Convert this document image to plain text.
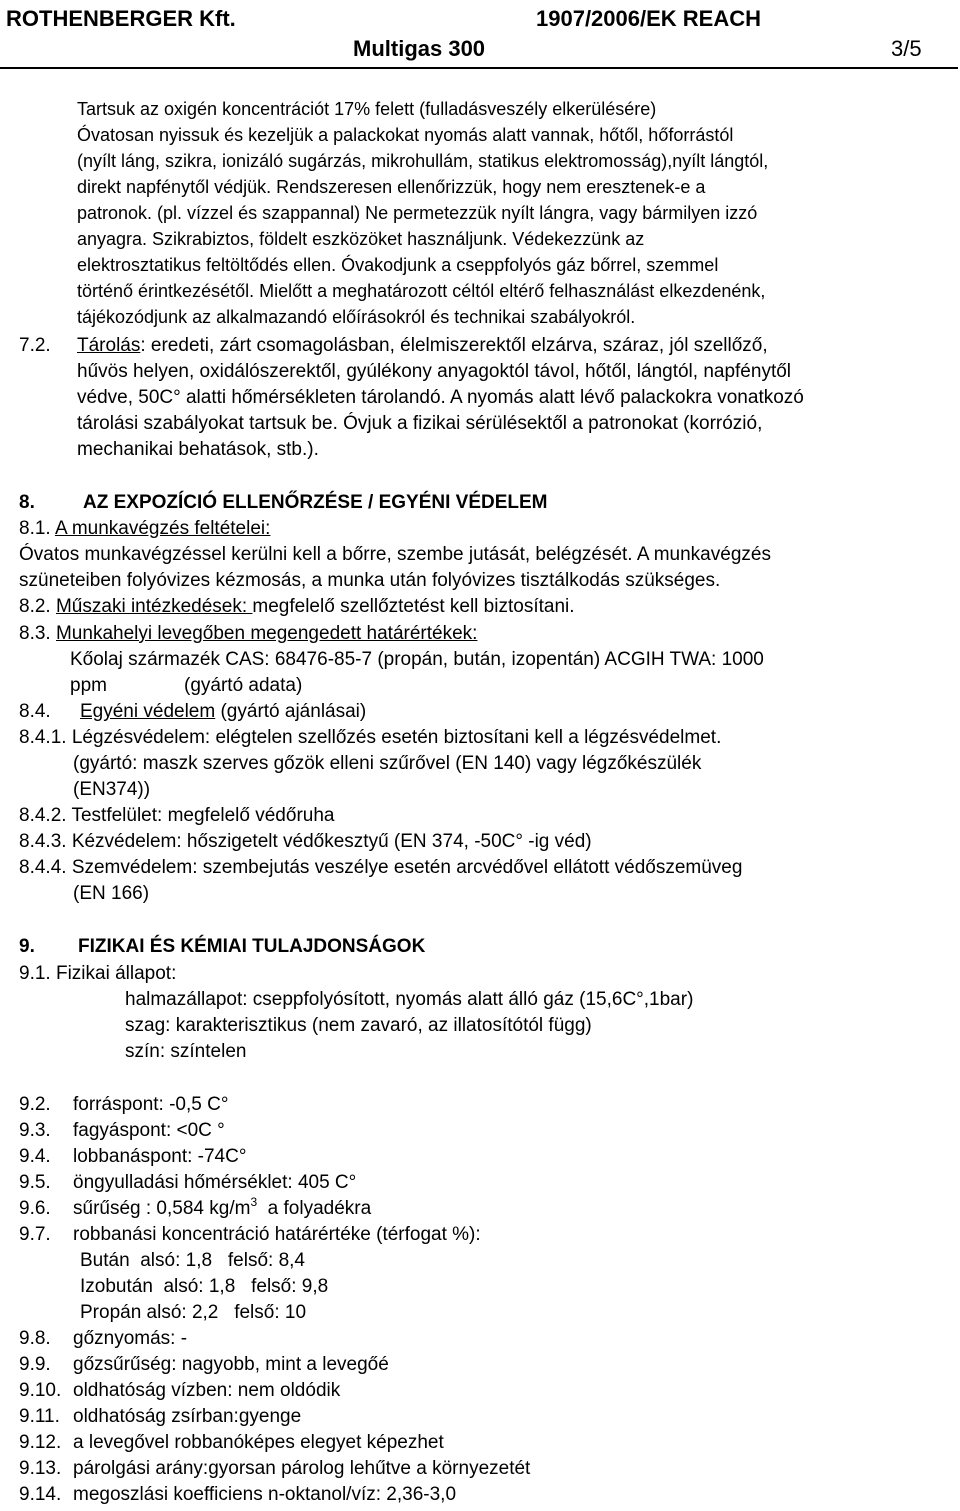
ROTHENBERGER Kft.	1907/2006/EK REACH
Multigas 300	3/5
Tartsuk az oxigén koncentrációt 17% felett (fulladásveszély elkerülésére)
Óvatosan nyissuk és kezeljük a palackokat nyomás alatt vannak, hőtől, hőforrástól
(nyílt láng, szikra, ionizáló sugárzás, mikrohullám, statikus elektromosság),nyílt lángtól,
direkt napfénytől védjük. Rendszeresen ellenőrizzük, hogy nem eresztenek-e a
patronok. (pl. vízzel és szappannal) Ne permetezzük nyílt lángra, vagy bármilyen izzó
anyagra. Szikrabiztos, földelt eszközöket használjunk. Védekezzünk az
elektrosztatikus feltöltődés ellen. Óvakodjunk a cseppfolyós gáz bőrrel, szemmel
történő érintkezésétől. Mielőtt a meghatározott céltól eltérő felhasználást elkezdenénk,
tájékozódjunk az alkalmazandó előírásokról és technikai szabályokról.
7.2. Tárolás: eredeti, zárt csomagolásban, élelmiszerektől elzárva, száraz, jól szellőző,
hűvös helyen, oxidálószerektől, gyúlékony anyagoktól távol, hőtől, lángtól, napfénytől
védve, 50C° alatti hőmérsékleten tárolandó. A nyomás alatt lévő palackokra vonatkozó
tárolási szabályokat tartsuk be. Óvjuk a fizikai sérülésektől a patronokat (korrózió,
mechanikai behatások, stb.).
8.	AZ EXPOZÍCIÓ ELLENŐRZÉSE / EGYÉNI VÉDELEM
8.1. A munkavégzés feltételei:
Óvatos munkavégzéssel kerülni kell a bőrre, szembe jutását, belégzését. A munkavégzés
szüneteiben folyóvizes kézmosás, a munka után folyóvizes tisztálkodás szükséges.
8.2. Műszaki intézkedések: megfelelő szellőztetést kell biztosítani.
8.3. Munkahelyi levegőben megengedett határértékek:
Kőolaj származék CAS: 68476-85-7 (propán, bután, izopentán) ACGIH TWA: 1000
ppm	(gyártó adata)
8.4. Egyéni védelem (gyártó ajánlásai)
8.4.1. Légzésvédelem: elégtelen szellőzés esetén biztosítani kell a légzésvédelmet.
(gyártó: maszk szerves gőzök elleni szűrővel (EN 140) vagy légzőkészülék
(EN374))
8.4.2. Testfelület: megfelelő védőruha
8.4.3. Kézvédelem: hőszigetelt védőkesztyű (EN 374, -50C° -ig véd)
8.4.4. Szemvédelem: szembejutás veszélye esetén arcvédővel ellátott védőszemüveg
(EN 166)
9. FIZIKAI ÉS KÉMIAI TULAJDONSÁGOK
9.1. Fizikai állapot:
halmazállapot: cseppfolyósított, nyomás alatt álló gáz (15,6C°,1bar)
szag: karakterisztikus (nem zavaró, az illatosítótól függ)
szín: színtelen
9.2. forráspont: -0,5 C°
9.3. fagyáspont: <0C °
9.4. lobbanáspont: -74C°
9.5. öngyulladási hőmérséklet: 405 C°
9.6. sűrűség : 0,584 $kg/m^3$  a folyadékra
9.7. robbanási koncentráció határértéke (térfogat %):
Bután  alsó: 1,8   felső: 8,4
Izobután  alsó: 1,8   felső: 9,8
Propán alsó: 2,2   felső: 10
9.8. gőznyomás: -
9.9. gőzsűrűség: nagyobb, mint a levegőé
9.10. oldhatóság vízben: nem oldódik
9.11. oldhatóság zsírban:gyenge
9.12. a levegővel robbanóképes elegyet képezhet
9.13. párolgási arány:gyorsan párolog lehűtve a környezetét
9.14. megoszlási koefficiens n-oktanol/víz: 2,36-3,0
